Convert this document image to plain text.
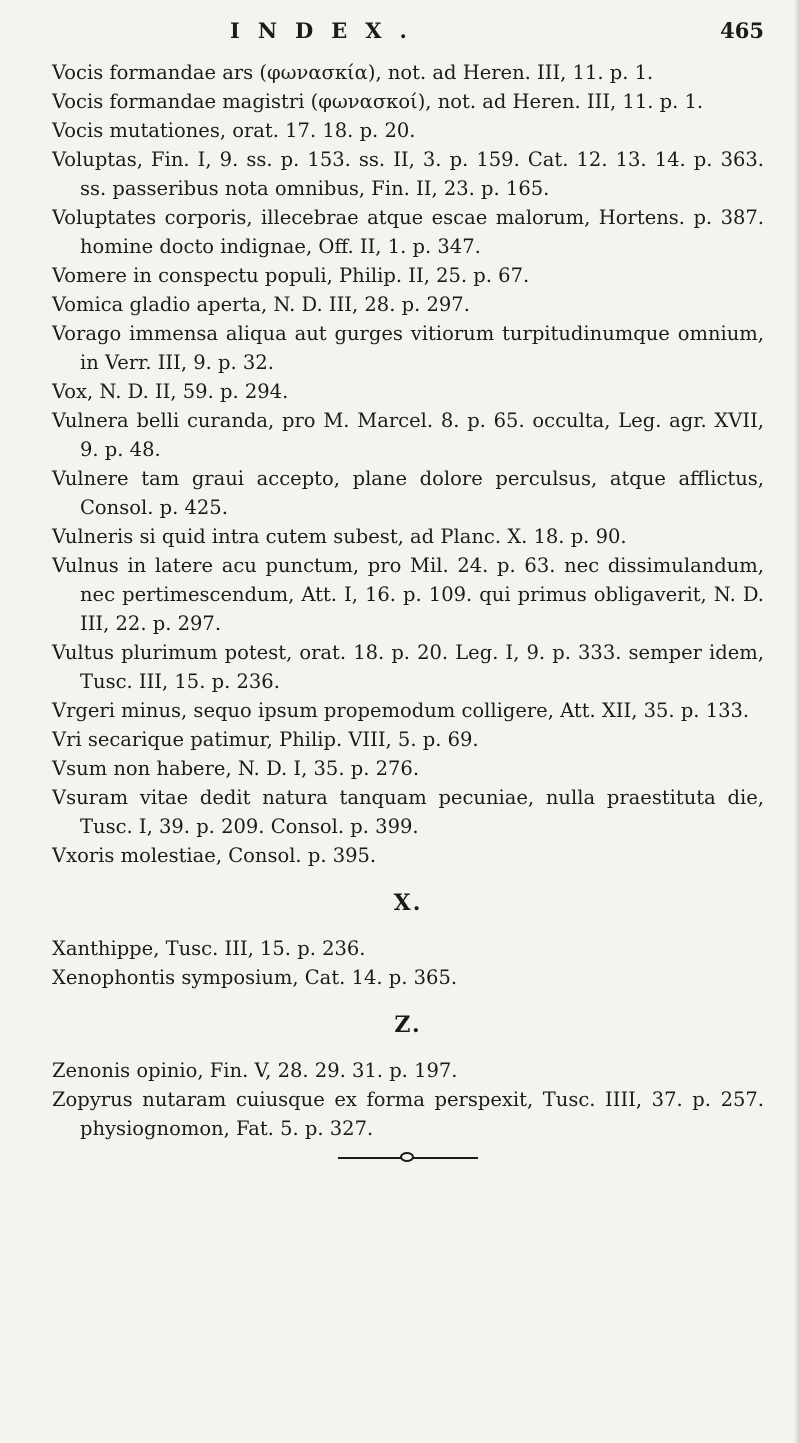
INDEX.	465
Vocis formandae ars (φωνασκία), not. ad Heren. III, 11. p. 1.
Vocis formandae magistri (φωνασκοί), not. ad Heren. III, 11. p. 1.
Vocis mutationes, orat. 17. 18. p. 20.
Voluptas, Fin. I, 9. ss. p. 153. ss. II, 3. p. 159. Cat. 12. 13. 14. p. 363. ss. passeribus nota omnibus, Fin. II, 23. p. 165.
Voluptates corporis, illecebrae atque escae malorum, Hortens. p. 387. homine docto indignae, Off. II, 1. p. 347.
Vomere in conspectu populi, Philip. II, 25. p. 67.
Vomica gladio aperta, N. D. III, 28. p. 297.
Vorago immensa aliqua aut gurges vitiorum turpitudinumque omnium, in Verr. III, 9. p. 32.
Vox, N. D. II, 59. p. 294.
Vulnera belli curanda, pro M. Marcel. 8. p. 65. occulta, Leg. agr. XVII, 9. p. 48.
Vulnere tam graui accepto, plane dolore perculsus, atque afflictus, Consol. p. 425.
Vulneris si quid intra cutem subest, ad Planc. X. 18. p. 90.
Vulnus in latere acu punctum, pro Mil. 24. p. 63. nec dissimulandum, nec pertimescendum, Att. I, 16. p. 109. qui primus obligaverit, N. D. III, 22. p. 297.
Vultus plurimum potest, orat. 18. p. 20. Leg. I, 9. p. 333. semper idem, Tusc. III, 15. p. 236.
Vrgeri minus, sequo ipsum propemodum colligere, Att. XII, 35. p. 133.
Vri secarique patimur, Philip. VIII, 5. p. 69.
Vsum non habere, N. D. I, 35. p. 276.
Vsuram vitae dedit natura tanquam pecuniae, nulla praestituta die, Tusc. I, 39. p. 209. Consol. p. 399.
Vxoris molestiae, Consol. p. 395.
X.
Xanthippe, Tusc. III, 15. p. 236.
Xenophontis symposium, Cat. 14. p. 365.
Z.
Zenonis opinio, Fin. V, 28. 29. 31. p. 197.
Zopyrus nutaram cuiusque ex forma perspexit, Tusc. IIII, 37. p. 257. physiognomon, Fat. 5. p. 327.
